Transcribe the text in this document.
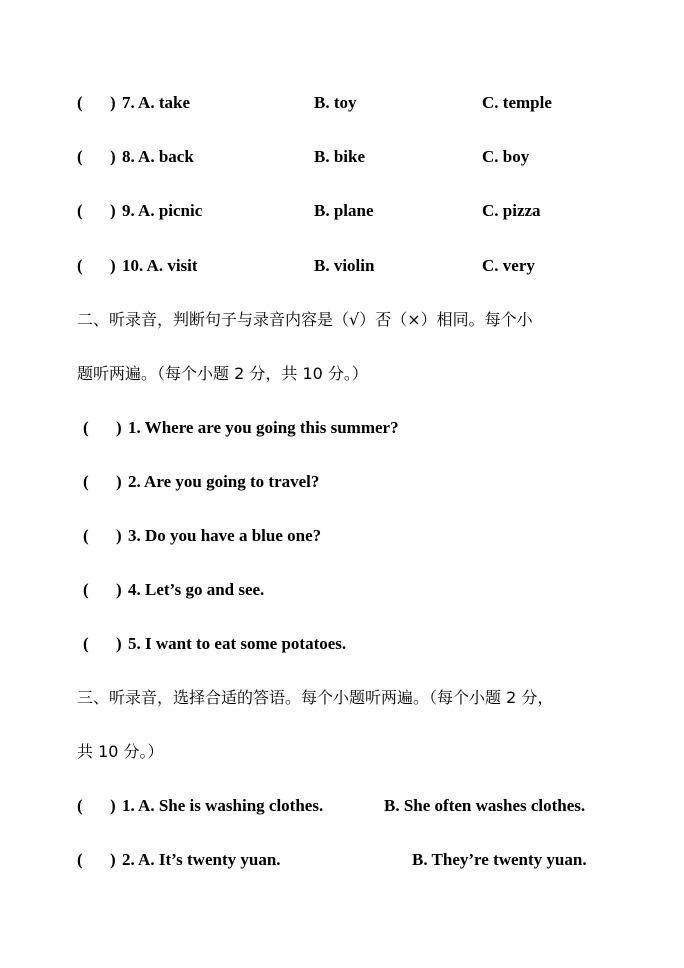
( ) 7. A. take	B. toy	C. temple
( ) 8. A. back	B. bike	C. boy
( ) 9. A. picnic	B. plane	C. pizza
( ) 10. A. visit	B. violin	C. very
二、听录音，判断句子与录音内容是（√）否（×）相同。每个小
题听两遍。（每个小题 2 分，共 10 分。）
( ) 1. Where are you going this summer?
( ) 2. Are you going to travel?
( ) 3. Do you have a blue one?
( ) 4. Let’s go and see.
( ) 5. I want to eat some potatoes.
三、听录音，选择合适的答语。每个小题听两遍。（每个小题 2 分，
共 10 分。）
( ) 1. A. She is washing clothes.	B. She often washes clothes.
( ) 2. A. It’s twenty yuan.	B. They’re twenty yuan.
